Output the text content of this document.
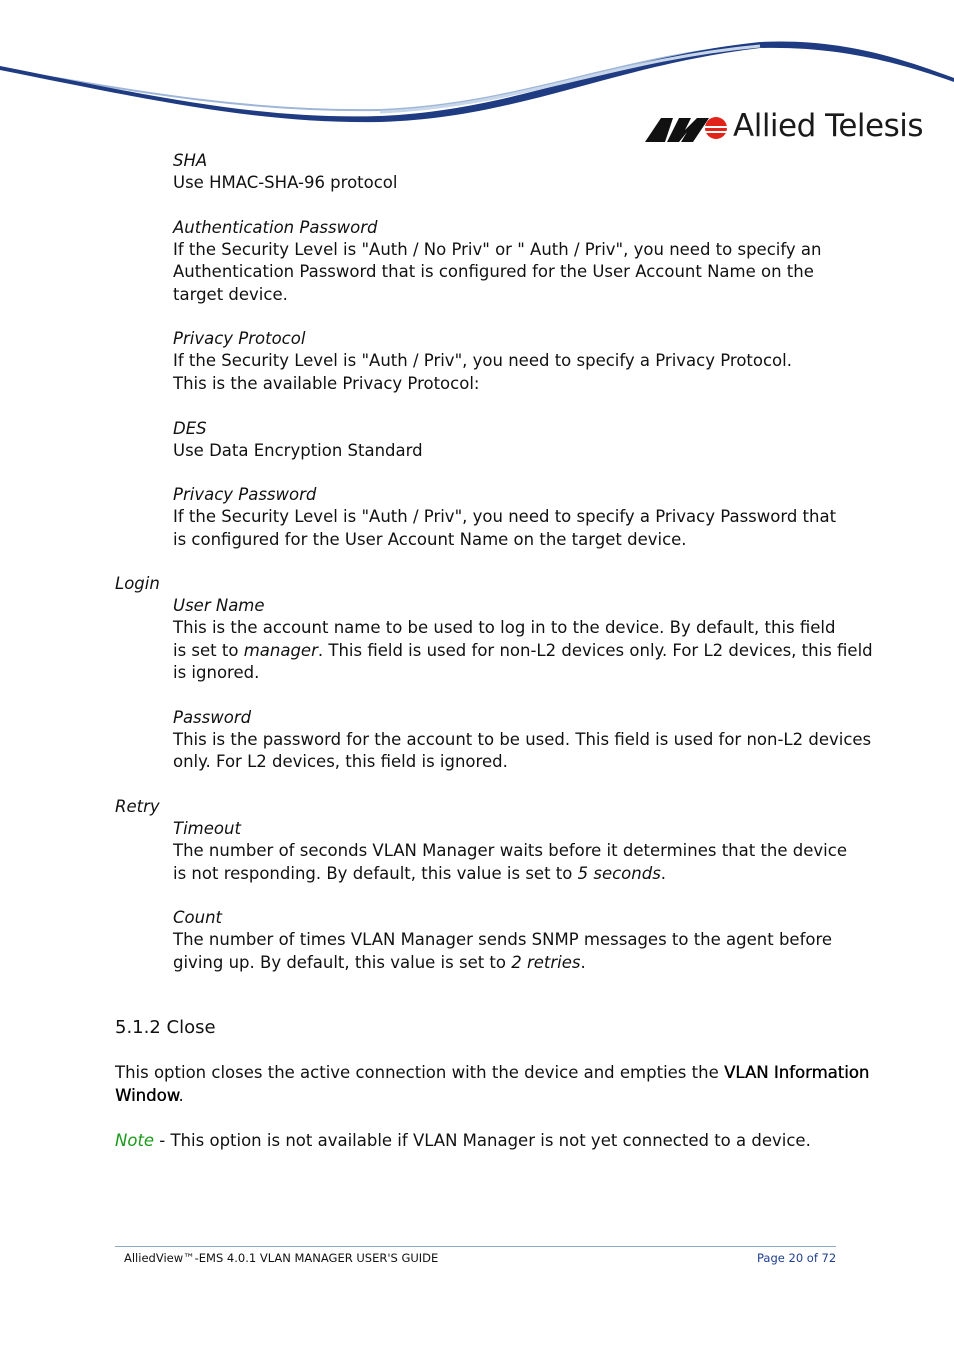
Allied Telesis

SHA

Use HMAC-SHA-96 protocol

Authentication Password

If the Security Level is "Auth / No Priv" or " Auth / Priv", you need to specify an

Authentication Password that is configured for the User Account Name on the

target device.

Privacy Protocol

If the Security Level is "Auth / Priv", you need to specify a Privacy Protocol.

This is the available Privacy Protocol:

DES

Use Data Encryption Standard

Privacy Password

If the Security Level is "Auth / Priv", you need to specify a Privacy Password that

is configured for the User Account Name on the target device.

Login

User Name

This is the account name to be used to log in to the device. By default, this field

is set to manager. This field is used for non-L2 devices only. For L2 devices, this field

is ignored.

Password

This is the password for the account to be used. This field is used for non-L2 devices

only. For L2 devices, this field is ignored.

Retry

Timeout

The number of seconds VLAN Manager waits before it determines that the device

is not responding. By default, this value is set to 5 seconds.

Count

The number of times VLAN Manager sends SNMP messages to the agent before

giving up. By default, this value is set to 2 retries.

5.1.2 Close

This option closes the active connection with the device and empties the VLAN Information

Window.

Note - This option is not available if VLAN Manager is not yet connected to a device.

AlliedView™-EMS 4.0.1 VLAN MANAGER USER'S GUIDE	Page 20 of 72
